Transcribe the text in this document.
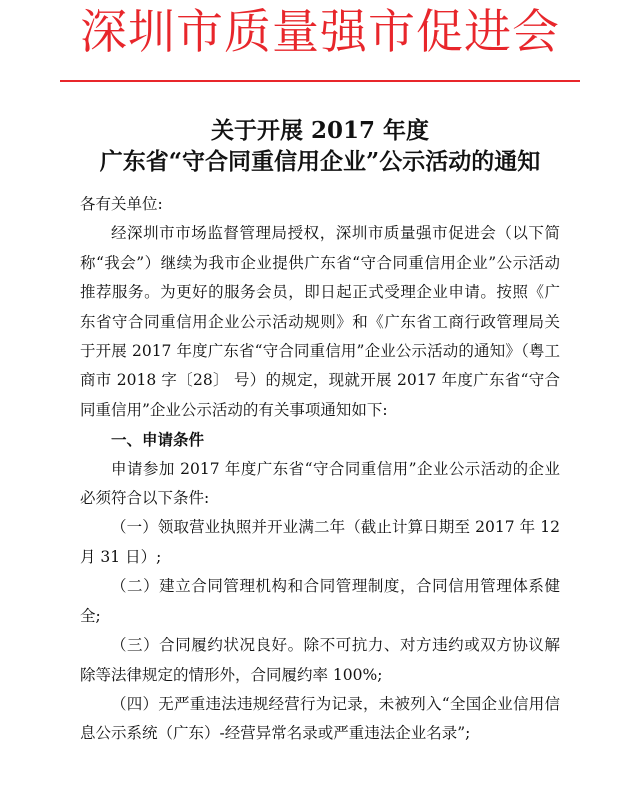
深圳市质量强市促进会
关于开展 2017 年度
广东省“守合同重信用企业”公示活动的通知

各有关单位:

经深圳市市场监督管理局授权，深圳市质量强市促进会（以下简称“我会”）继续为我市企业提供广东省“守合同重信用企业”公示活动推荐服务。为更好的服务会员，即日起正式受理企业申请。按照《广东省守合同重信用企业公示活动规则》和《广东省工商行政管理局关于开展 2017 年度广东省“守合同重信用”企业公示活动的通知》（粤工商市 2018 字〔28〕 号）的规定，现就开展 2017 年度广东省“守合同重信用”企业公示活动的有关事项通知如下:

一、申请条件

申请参加 2017 年度广东省“守合同重信用”企业公示活动的企业必须符合以下条件:

（一）领取营业执照并开业满二年（截止计算日期至 2017 年 12 月 31 日）;

（二）建立合同管理机构和合同管理制度，合同信用管理体系健全;

（三）合同履约状况良好。除不可抗力、对方违约或双方协议解除等法律规定的情形外，合同履约率 100%;

（四）无严重违法违规经营行为记录，未被列入“全国企业信用信息公示系统（广东）-经营异常名录或严重违法企业名录”;
